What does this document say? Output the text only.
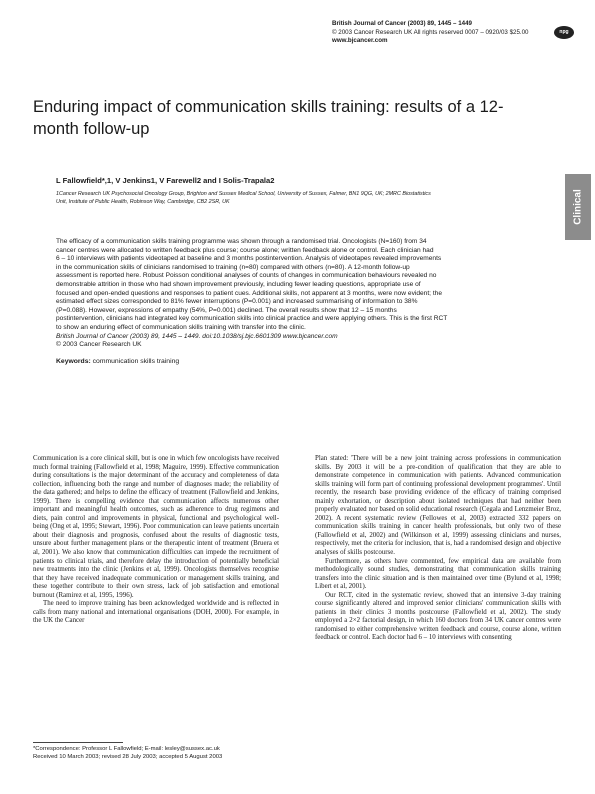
British Journal of Cancer (2003) 89, 1445 – 1449
© 2003 Cancer Research UK All rights reserved 0007 – 0920/03 $25.00
www.bjcancer.com
npg
Enduring impact of communication skills training: results of a 12-month follow-up
L Fallowfield*,1, V Jenkins1, V Farewell2 and I Solis-Trapala2
1Cancer Research UK Psychosocial Oncology Group, Brighton and Sussex Medical School, University of Sussex, Falmer, BN1 9QG, UK; 2MRC Biostatistics
Unit, Institute of Public Health, Robinson Way, Cambridge, CB2 2SR, UK	Clinical
The efficacy of a communication skills training programme was shown through a randomised trial. Oncologists (N=160) from 34
cancer centres were allocated to written feedback plus course; course alone; written feedback alone or control. Each clinician had
6 – 10 interviews with patients videotaped at baseline and 3 months postintervention. Analysis of videotapes revealed improvements
in the communication skills of clinicians randomised to training (n=80) compared with others (n=80). A 12-month follow-up
assessment is reported here. Robust Poisson conditional analyses of counts of changes in communication behaviours revealed no
demonstrable attrition in those who had shown improvement previously, including fewer leading questions, appropriate use of
focused and open-ended questions and responses to patient cues. Additional skills, not apparent at 3 months, were now evident; the
estimated effect sizes corresponded to 81% fewer interruptions (P=0.001) and increased summarising of information to 38%
(P=0.088). However, expressions of empathy (54%, P=0.001) declined. The overall results show that 12 – 15 months
postintervention, clinicians had integrated key communication skills into clinical practice and were applying others. This is the first RCT
to show an enduring effect of communication skills training with transfer into the clinic.
British Journal of Cancer (2003) 89, 1445 – 1449. doi:10.1038/sj.bjc.6601309 www.bjcancer.com
© 2003 Cancer Research UK
Keywords: communication skills training

Communication is a core clinical skill, but is one in which few oncologists have received much formal training (Fallowfield et al, 1998; Maguire, 1999). Effective communication during consultations is the major determinant of the accuracy and completeness of data collection, influencing both the range and number of diagnoses made; the reliability of the data gathered; and helps to define the efficacy of treatment (Fallowfield and Jenkins, 1999). There is compelling evidence that communication affects numerous other important and meaningful health outcomes, such as adherence to drug regimens and diets, pain control and improvements in physical, functional and psychological well-being (Ong et al, 1995; Stewart, 1996). Poor communication can leave patients uncertain about their diagnosis and prognosis, confused about the results of diagnostic tests, unsure about further management plans or the therapeutic intent of treatment (Bruera et al, 2001). We also know that communication difficulties can impede the recruitment of patients to clinical trials, and therefore delay the introduction of potentially beneficial new treatments into the clinic (Jenkins et al, 1999). Oncologists themselves recognise that they have received inadequate communication or management skills training, and these together contribute to their own stress, lack of job satisfaction and emotional burnout (Ramirez et al, 1995, 1996).

The need to improve training has been acknowledged worldwide and is reflected in calls from many national and international organisations (DOH, 2000). For example, in the UK the Cancer

Plan stated: 'There will be a new joint training across professions in communication skills. By 2003 it will be a pre-condition of qualification that they are able to demonstrate competence in communication with patients. Advanced communication skills training will form part of continuing professional development programmes'. Until recently, the research base providing evidence of the efficacy of training comprised mainly exhortation, or description about isolated techniques that had neither been properly evaluated nor based on solid educational research (Cegala and Lenzmeier Broz, 2002). A recent systematic review (Fellowes et al, 2003) extracted 332 papers on communication skills training in cancer health professionals, but only two of these (Fallowfield et al, 2002) and (Wilkinson et al, 1999) assessing clinicians and nurses, respectively, met the criteria for inclusion, that is, had a randomised design and objective analyses of skills postcourse.

Furthermore, as others have commented, few empirical data are available from methodologically sound studies, demonstrating that communication skills training transfers into the clinic situation and is then maintained over time (Bylund et al, 1998; Libert et al, 2001).

Our RCT, cited in the systematic review, showed that an intensive 3-day training course significantly altered and improved senior clinicians' communication skills with patients in their clinics 3 months postcourse (Fallowfield et al, 2002). The study employed a 2×2 factorial design, in which 160 doctors from 34 UK cancer centres were randomised to either comprehensive written feedback and course, course alone, written feedback or control. Each doctor had 6 – 10 interviews with consenting

*Correspondence: Professor L Fallowfield; E-mail: lesley@sussex.ac.uk
Received 10 March 2003; revised 28 July 2003; accepted 5 August 2003
